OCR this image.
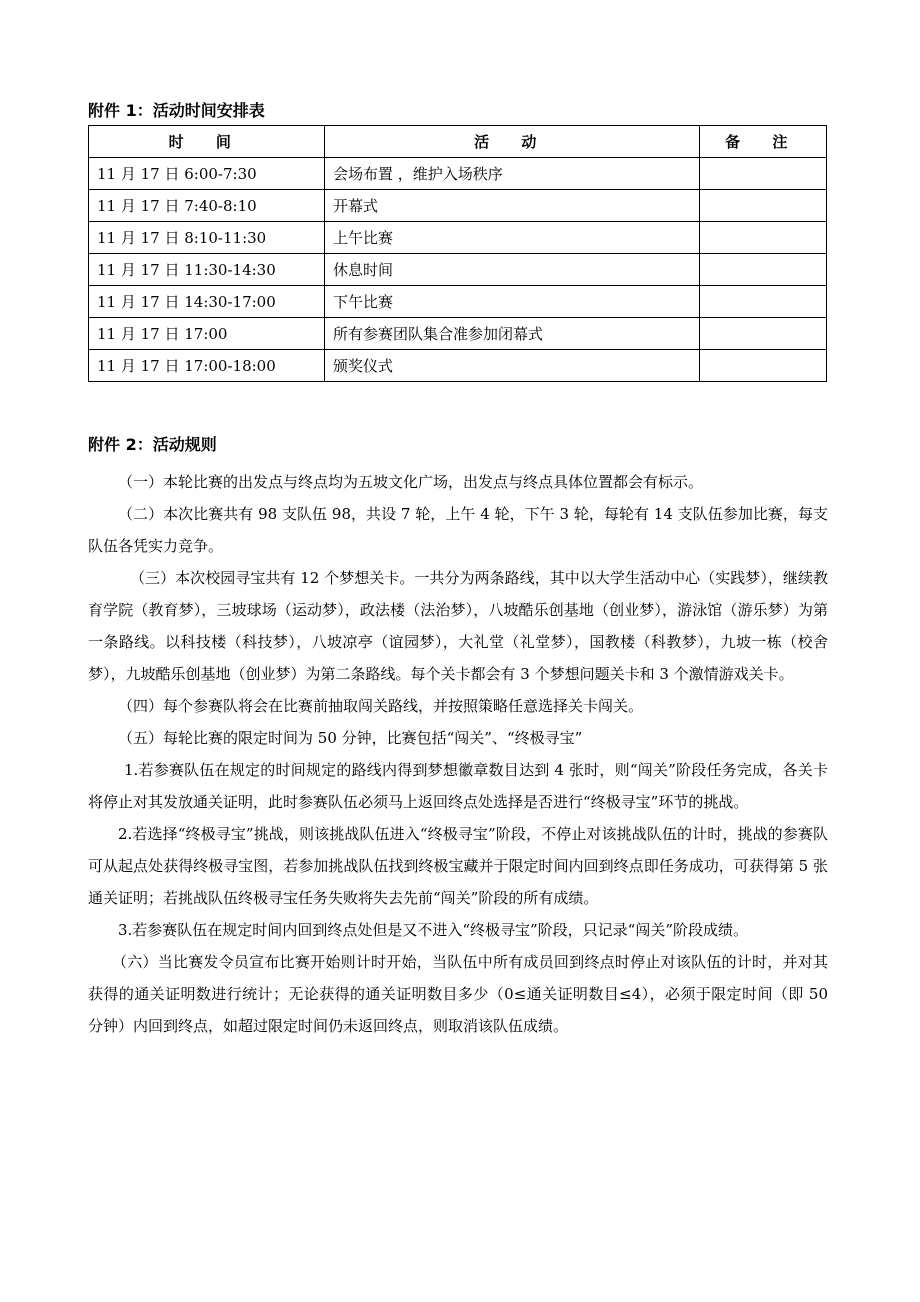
附件 1：活动时间安排表
时 间	活 动	备 注
11 月 17 日 6:00-7:30	会场布置 ，维护入场秩序	
11 月 17 日 7:40-8:10	开幕式	
11 月 17 日 8:10-11:30	上午比赛	
11 月 17 日 11:30-14:30	休息时间	
11 月 17 日 14:30-17:00	下午比赛	
11 月 17 日 17:00	所有参赛团队集合准参加闭幕式	
11 月 17 日 17:00-18:00	颁奖仪式	
附件 2：活动规则

（一）本轮比赛的出发点与终点均为五坡文化广场，出发点与终点具体位置都会有标示。

（二）本次比赛共有 98 支队伍 98，共设 7 轮，上午 4 轮，下午 3 轮，每轮有 14 支队伍参加比赛，每支队伍各凭实力竞争。

（三）本次校园寻宝共有 12 个梦想关卡。一共分为两条路线，其中以大学生活动中心（实践梦），继续教育学院（教育梦），三坡球场（运动梦），政法楼（法治梦），八坡酷乐创基地（创业梦），游泳馆（游乐梦）为第一条路线。以科技楼（科技梦），八坡凉亭（谊园梦），大礼堂（礼堂梦），国教楼（科教梦），九坡一栋（校舍梦），九坡酷乐创基地（创业梦）为第二条路线。每个关卡都会有 3 个梦想问题关卡和 3 个激情游戏关卡。

（四）每个参赛队将会在比赛前抽取闯关路线，并按照策略任意选择关卡闯关。

（五）每轮比赛的限定时间为 50 分钟，比赛包括“闯关”、“终极寻宝”

1.若参赛队伍在规定的时间规定的路线内得到梦想徽章数目达到 4 张时，则“闯关”阶段任务完成，各关卡将停止对其发放通关证明，此时参赛队伍必须马上返回终点处选择是否进行“终极寻宝”环节的挑战。

2.若选择“终极寻宝”挑战，则该挑战队伍进入“终极寻宝”阶段，不停止对该挑战队伍的计时，挑战的参赛队可从起点处获得终极寻宝图，若参加挑战队伍找到终极宝藏并于限定时间内回到终点即任务成功，可获得第 5 张通关证明；若挑战队伍终极寻宝任务失败将失去先前“闯关”阶段的所有成绩。

3.若参赛队伍在规定时间内回到终点处但是又不进入“终极寻宝”阶段，只记录“闯关”阶段成绩。

（六）当比赛发令员宣布比赛开始则计时开始，当队伍中所有成员回到终点时停止对该队伍的计时，并对其获得的通关证明数进行统计；无论获得的通关证明数目多少（0≤通关证明数目≤4），必须于限定时间（即 50 分钟）内回到终点，如超过限定时间仍未返回终点，则取消该队伍成绩。
